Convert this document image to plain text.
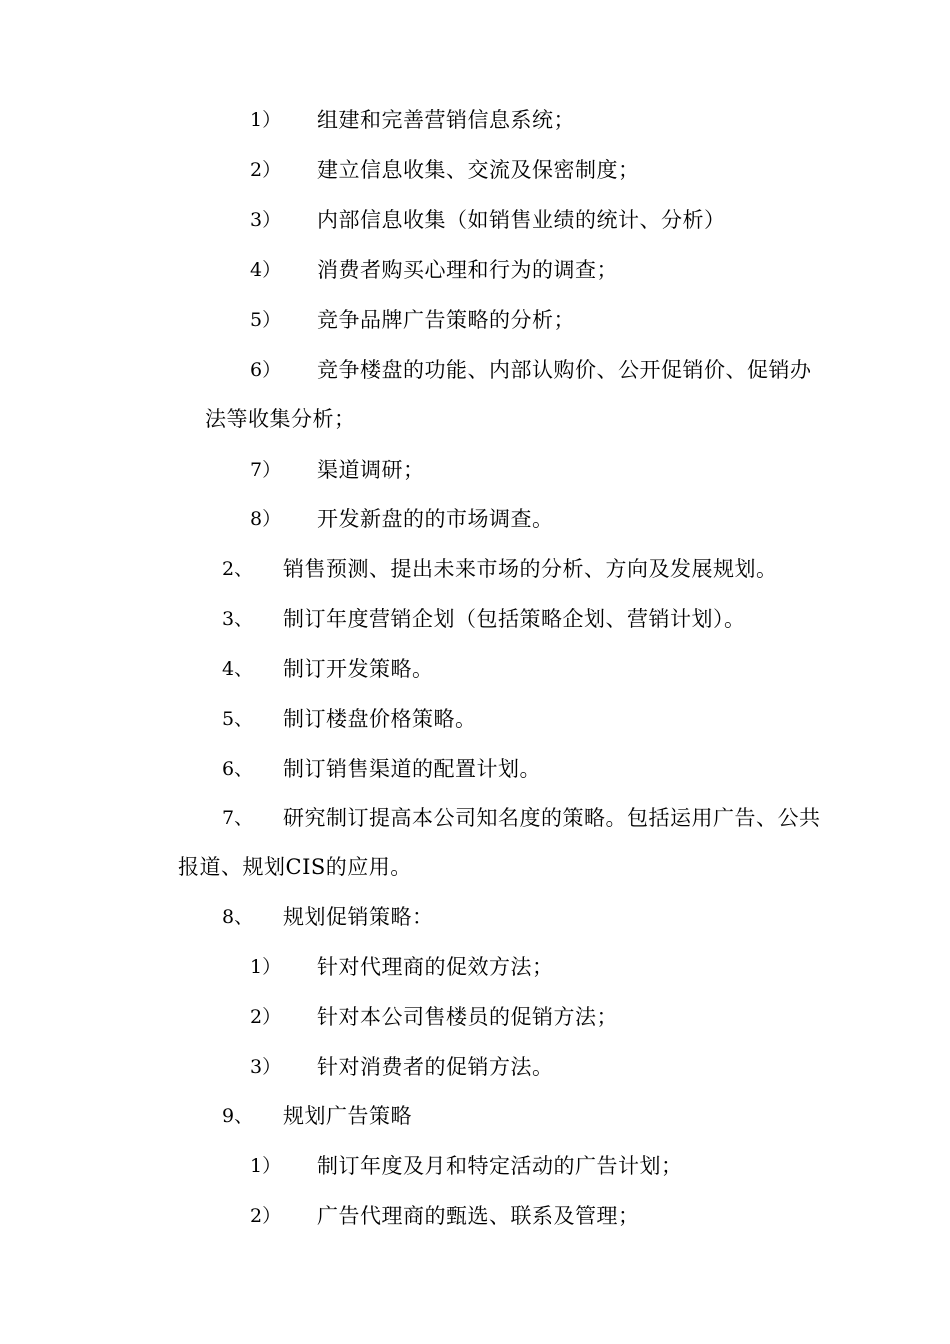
1） 组建和完善营销信息系统；
2） 建立信息收集、交流及保密制度；
3） 内部信息收集（如销售业绩的统计、分析）
4） 消费者购买心理和行为的调查；
5） 竞争品牌广告策略的分析；
6） 竞争楼盘的功能、内部认购价、公开促销价、促销办
法等收集分析；
7） 渠道调研；
8） 开发新盘的的市场调查。
2、 销售预测、提出未来市场的分析、方向及发展规划。
3、 制订年度营销企划（包括策略企划、营销计划）。
4、 制订开发策略。
5、 制订楼盘价格策略。
6、 制订销售渠道的配置计划。
7、 研究制订提高本公司知名度的策略。包括运用广告、公共
报道、规划CIS的应用。
8、 规划促销策略：
1） 针对代理商的促效方法；
2） 针对本公司售楼员的促销方法；
3） 针对消费者的促销方法。
9、 规划广告策略
1） 制订年度及月和特定活动的广告计划；
2） 广告代理商的甄选、联系及管理；
